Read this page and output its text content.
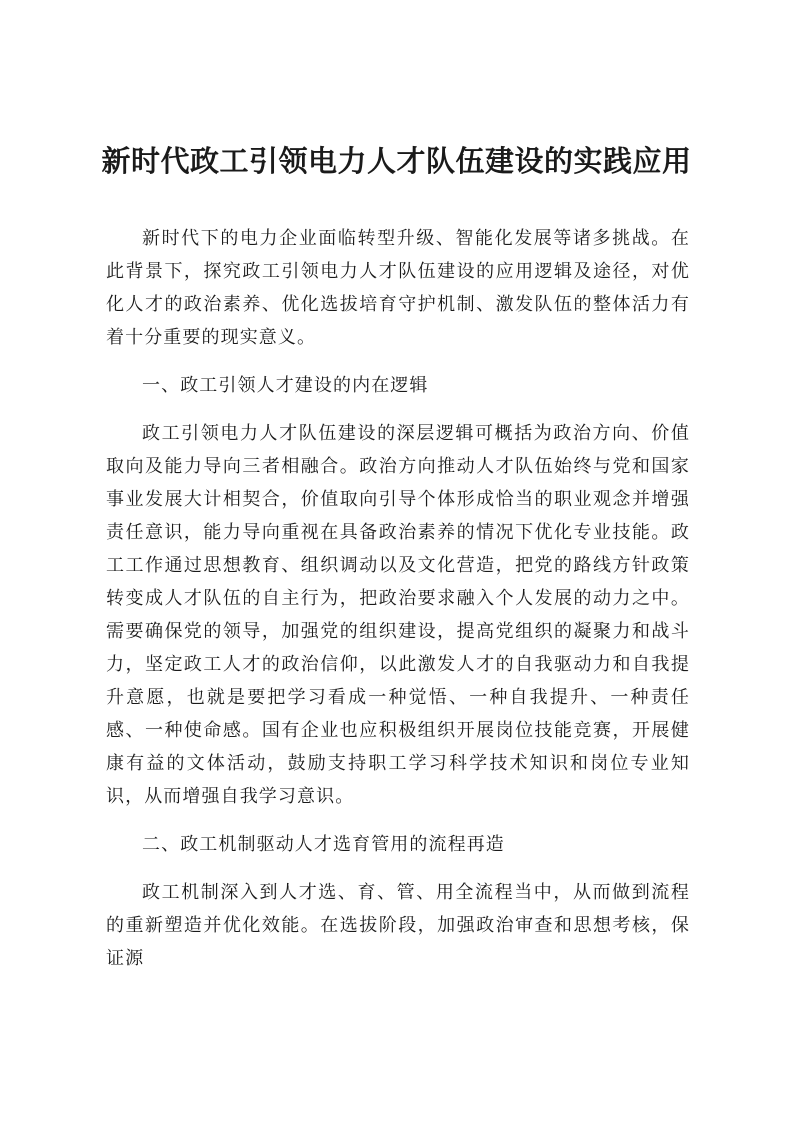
新时代政工引领电力人才队伍建设的实践应用

新时代下的电力企业面临转型升级、智能化发展等诸多挑战。在此背景下，探究政工引领电力人才队伍建设的应用逻辑及途径，对优化人才的政治素养、优化选拔培育守护机制、激发队伍的整体活力有着十分重要的现实意义。

一、政工引领人才建设的内在逻辑

政工引领电力人才队伍建设的深层逻辑可概括为政治方向、价值取向及能力导向三者相融合。政治方向推动人才队伍始终与党和国家事业发展大计相契合，价值取向引导个体形成恰当的职业观念并增强责任意识，能力导向重视在具备政治素养的情况下优化专业技能。政工工作通过思想教育、组织调动以及文化营造，把党的路线方针政策转变成人才队伍的自主行为，把政治要求融入个人发展的动力之中。需要确保党的领导，加强党的组织建设，提高党组织的凝聚力和战斗力，坚定政工人才的政治信仰，以此激发人才的自我驱动力和自我提升意愿，也就是要把学习看成一种觉悟、一种自我提升、一种责任感、一种使命感。国有企业也应积极组织开展岗位技能竞赛，开展健康有益的文体活动，鼓励支持职工学习科学技术知识和岗位专业知识，从而增强自我学习意识。

二、政工机制驱动人才选育管用的流程再造

政工机制深入到人才选、育、管、用全流程当中，从而做到流程的重新塑造并优化效能。在选拔阶段，加强政治审查和思想考核，保证源
